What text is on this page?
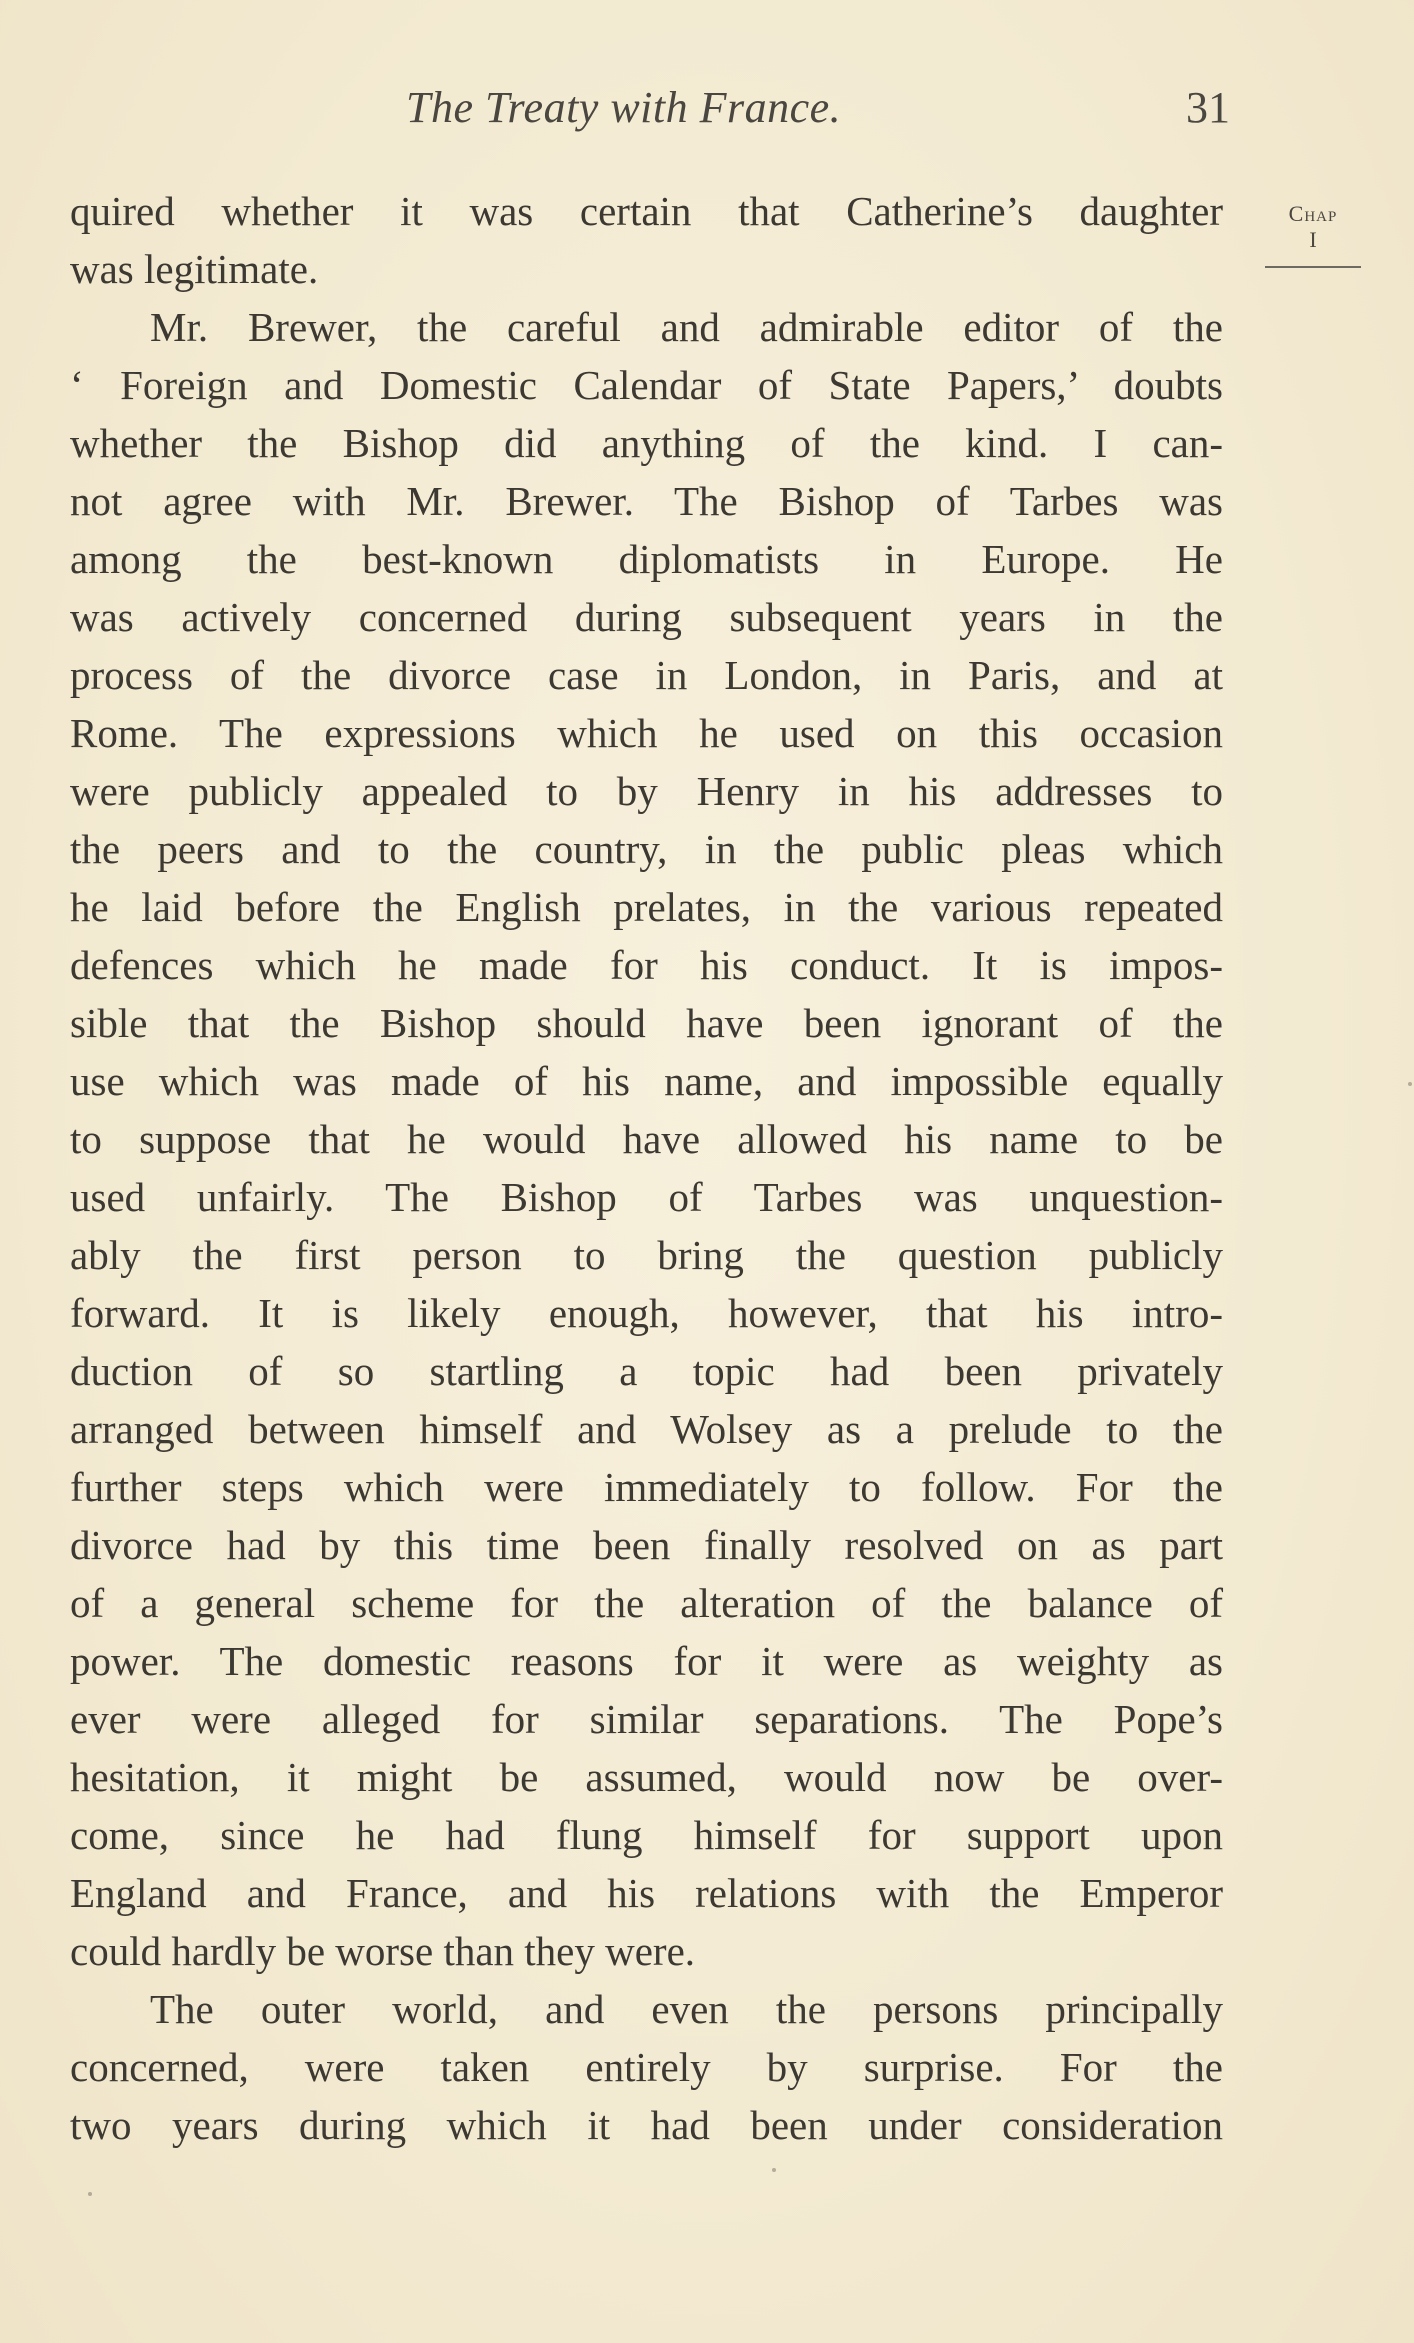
The Treaty with France.	31
Chap
I

quired whether it was certain that Catherine’s daughter
was legitimate.

Mr. Brewer, the careful and admirable editor of the
‘ Foreign and Domestic Calendar of State Papers,’ doubts
whether the Bishop did anything of the kind. I can-
not agree with Mr. Brewer. The Bishop of Tarbes was
among the best-known diplomatists in Europe. He
was actively concerned during subsequent years in the
process of the divorce case in London, in Paris, and at
Rome. The expressions which he used on this occasion
were publicly appealed to by Henry in his addresses to
the peers and to the country, in the public pleas which
he laid before the English prelates, in the various repeated
defences which he made for his conduct. It is impos-
sible that the Bishop should have been ignorant of the
use which was made of his name, and impossible equally
to suppose that he would have allowed his name to be
used unfairly. The Bishop of Tarbes was unquestion-
ably the first person to bring the question publicly
forward. It is likely enough, however, that his intro-
duction of so startling a topic had been privately
arranged between himself and Wolsey as a prelude to the
further steps which were immediately to follow. For the
divorce had by this time been finally resolved on as part
of a general scheme for the alteration of the balance of
power. The domestic reasons for it were as weighty as
ever were alleged for similar separations. The Pope’s
hesitation, it might be assumed, would now be over-
come, since he had flung himself for support upon
England and France, and his relations with the Emperor
could hardly be worse than they were.

The outer world, and even the persons principally
concerned, were taken entirely by surprise. For the
two years during which it had been under consideration
